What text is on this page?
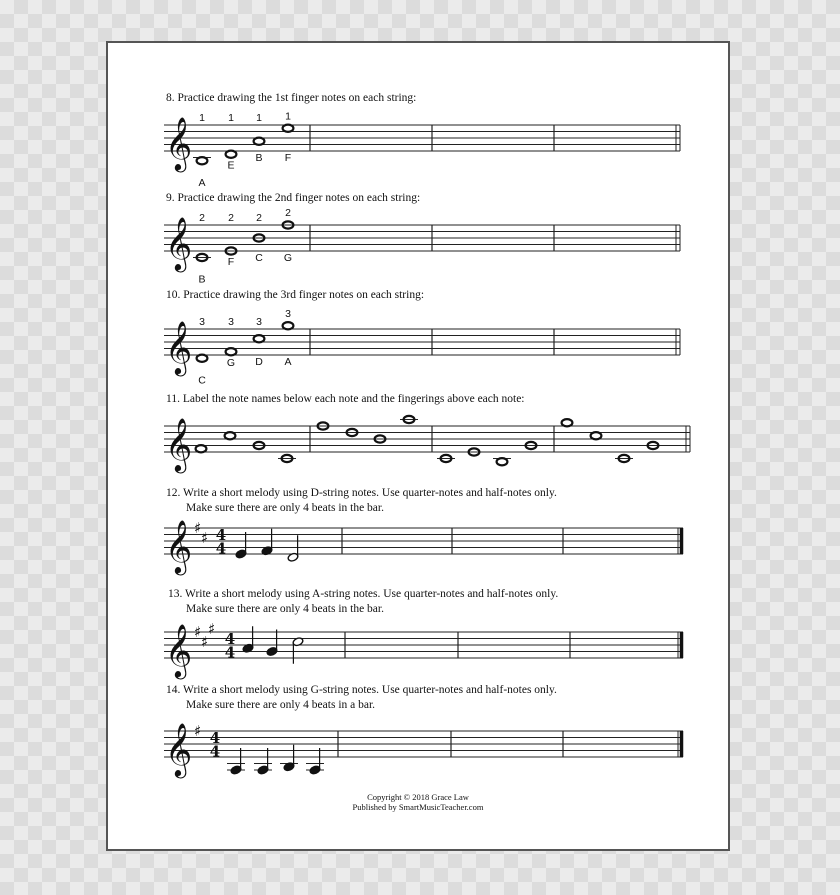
𝄞 1
A
1
E
1
B
1
F
𝄞 2
B
2
F
2
C
2
G
𝄞 3
C
3
G
3
D
3
A
𝄞
𝄞 ♯
♯ 4
4
𝄞 ♯
♯
♯
4
4
𝄞 ♯ 4
4
8. Practice drawing the 1st finger notes on each string:
9. Practice drawing the 2nd finger notes on each string:
10. Practice drawing the 3rd finger notes on each string:
11. Label the note names below each note and the fingerings above each note:
12. Write a short melody using D-string notes. Use quarter-notes and half-notes only.
Make sure there are only 4 beats in the bar.
13. Write a short melody using A-string notes. Use quarter-notes and half-notes only.
Make sure there are only 4 beats in the bar.
14. Write a short melody using G-string notes. Use quarter-notes and half-notes only.
Make sure there are only 4 beats in a bar.
Copyright © 2018 Grace Law
Published by SmartMusicTeacher.com
